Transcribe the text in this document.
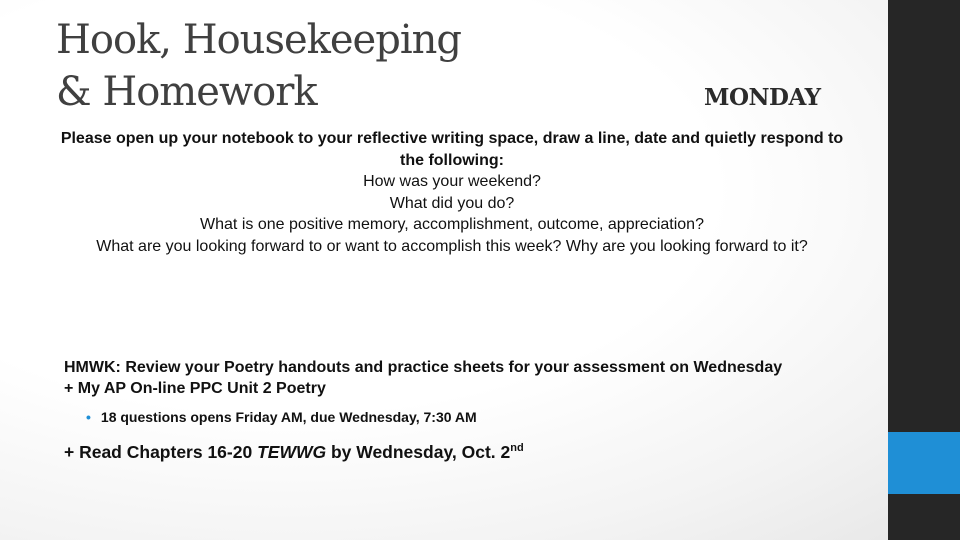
Hook, Housekeeping
& Homework	MONDAY
Please open up your notebook to your reflective writing space, draw a line, date and quietly respond to the following:
How was your weekend?
What did you do?
What is one positive memory, accomplishment, outcome, appreciation?
What are you looking forward to or want to accomplish this week? Why are you looking forward to it?
HMWK: Review your Poetry handouts and practice sheets for your assessment on Wednesday
+ My AP On-line PPC Unit 2 Poetry
• 18 questions opens Friday AM, due Wednesday, 7:30 AM
+ Read Chapters 16-20 TEWWG by Wednesday, Oct. 2nd
